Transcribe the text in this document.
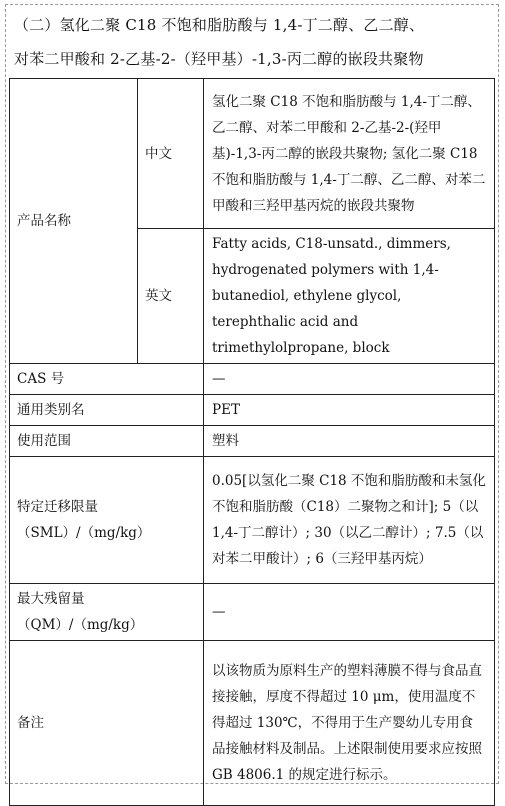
（二）氢化二聚 C18 不饱和脂肪酸与 1,4-丁二醇、乙二醇、
对苯二甲酸和 2-乙基-2-（羟甲基）-1,3-丙二醇的嵌段共聚物
产品名称	中文	氢化二聚 C18 不饱和脂肪酸与 1,4-丁二醇、乙二醇、对苯二甲酸和 2-乙基-2-(羟甲基)-1,3-丙二醇的嵌段共聚物; 氢化二聚 C18 不饱和脂肪酸与 1,4-丁二醇、乙二醇、对苯二甲酸和三羟甲基丙烷的嵌段共聚物
	英文	Fatty acids, C18-unsatd., dimmers, hydrogenated polymers with 1,4-butanediol, ethylene glycol, terephthalic acid and trimethylolpropane, block
CAS 号		—
通用类别名		PET
使用范围		塑料

特定迁移限量
（SML）/（mg/kg）		0.05[以氢化二聚 C18 不饱和脂肪酸和未氢化不饱和脂肪酸（C18）二聚物之和计]; 5（以 1,4-丁二醇计）; 30（以乙二醇计）; 7.5（以对苯二甲酸计）; 6（三羟甲基丙烷）

最大残留量
（QM）/（mg/kg）		—
备注		以该物质为原料生产的塑料薄膜不得与食品直接接触，厚度不得超过 10 μm，使用温度不得超过 130℃，不得用于生产婴幼儿专用食品接触材料及制品。上述限制使用要求应按照 GB 4806.1 的规定进行标示。
